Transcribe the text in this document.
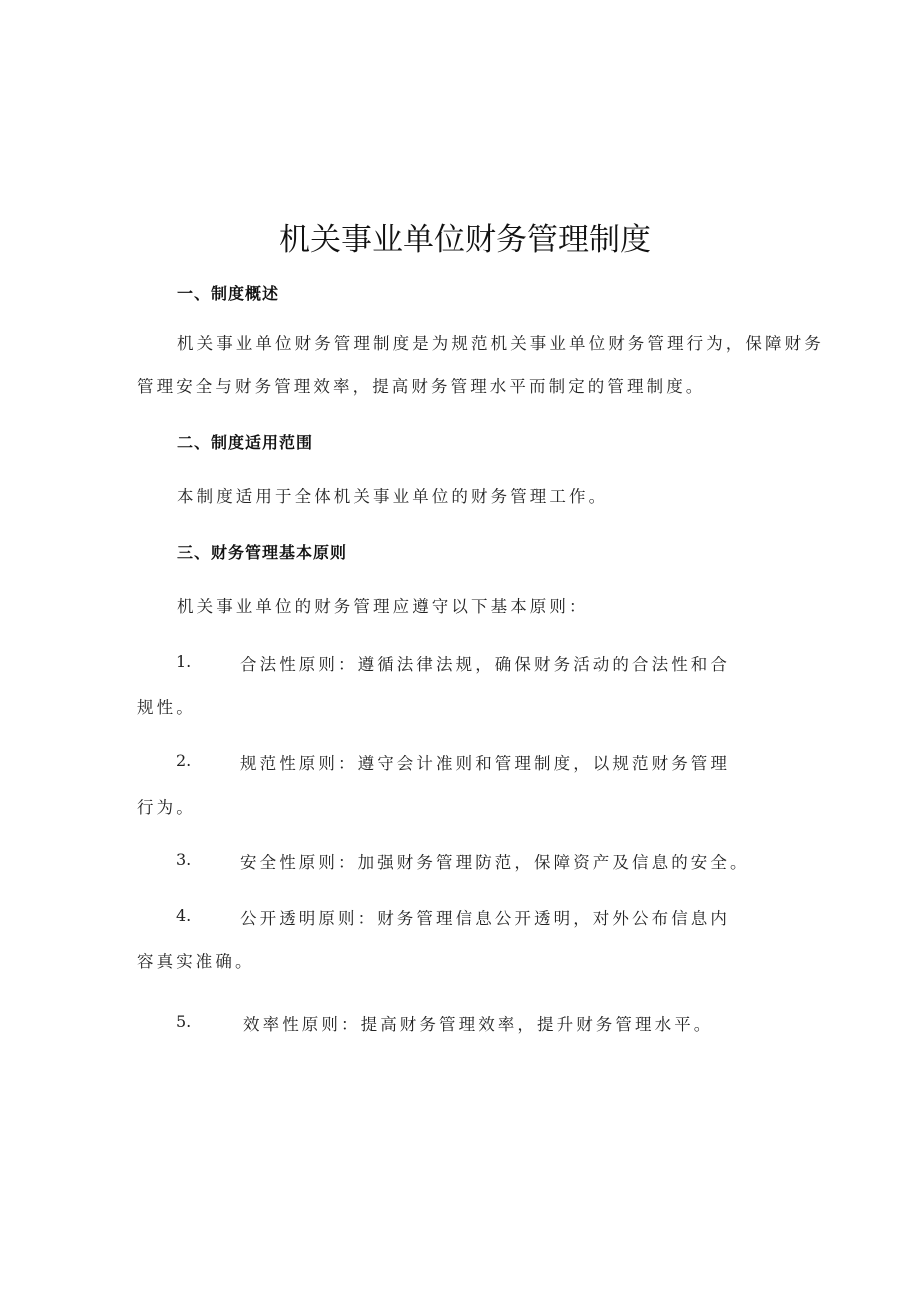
机关事业单位财务管理制度
一、制度概述

机关事业单位财务管理制度是为规范机关事业单位财务管理行为，保障财务

管理安全与财务管理效率，提高财务管理水平而制定的管理制度。

二、制度适用范围

本制度适用于全体机关事业单位的财务管理工作。

三、财务管理基本原则

机关事业单位的财务管理应遵守以下基本原则：

1.	合法性原则：遵循法律法规，确保财务活动的合法性和合
规性。
2.	规范性原则：遵守会计准则和管理制度，以规范财务管理
行为。
3.	安全性原则：加强财务管理防范，保障资产及信息的安全。
4.	公开透明原则：财务管理信息公开透明，对外公布信息内
容真实准确。
5.	效率性原则：提高财务管理效率，提升财务管理水平。
